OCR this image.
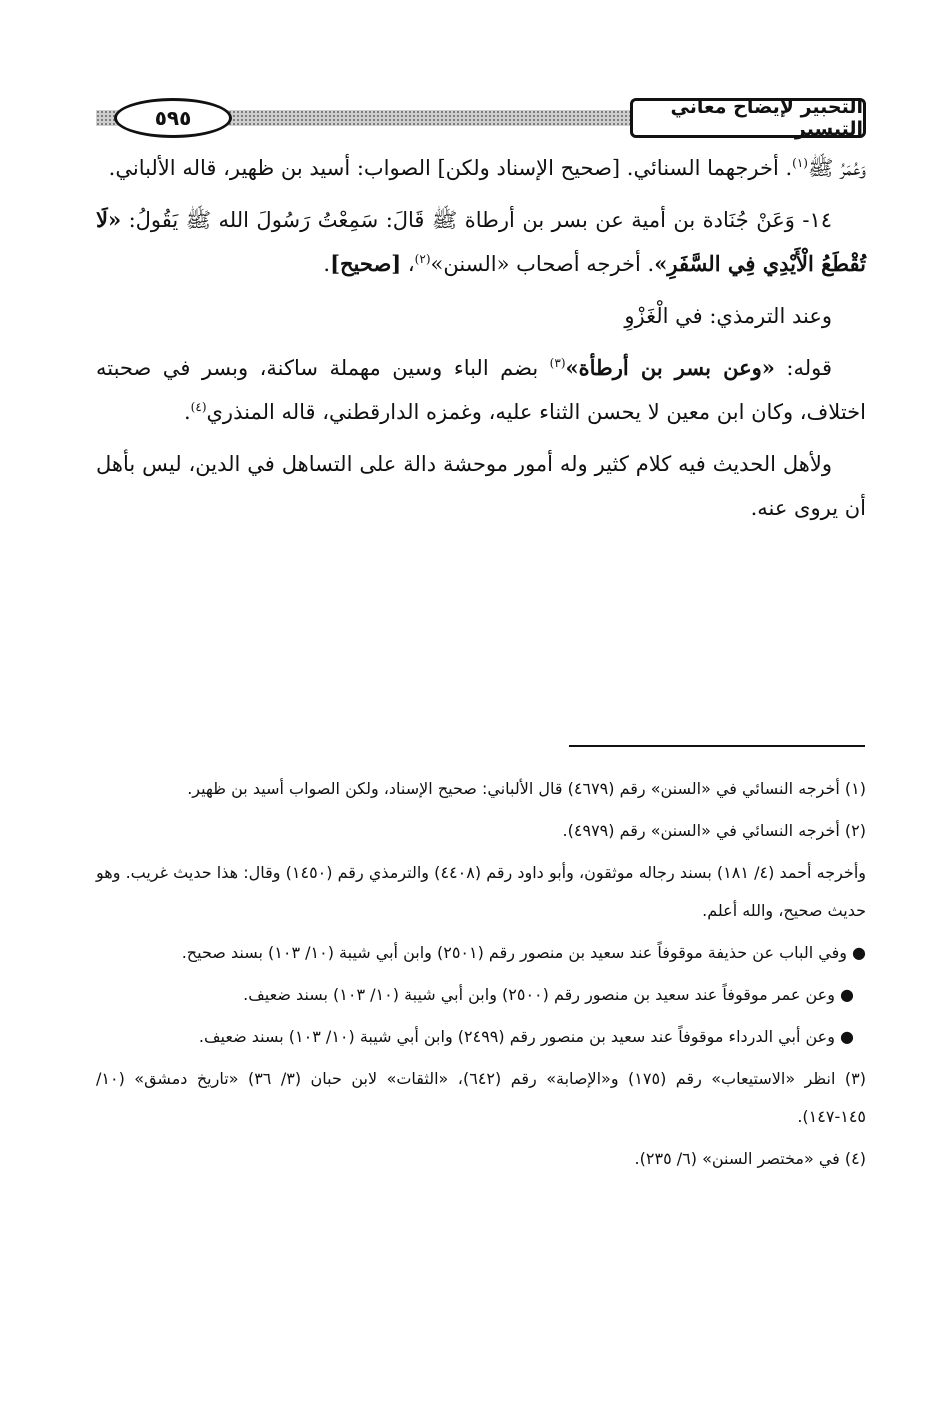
التحبير لإيضاح معاني التيسير
٥٩٥

وَعُمَرُ ﷺ$^{(١)}$. أخرجهما السنائي. [صحيح الإسناد ولكن] الصواب: أسيد بن ظهير، قاله الألباني.

١٤- وَعَنْ جُنَادة بن أمية عن بسر بن أرطاة ﷺ قَالَ: سَمِعْتُ رَسُولَ الله ﷺ يَقُولُ: «لَا تُقْطَعُ الْأَيْدِي فِي السَّفَرِ». أخرجه أصحاب «السنن»$^{(٢)}$، [صحيح].

وعند الترمذي: في الْغَزْوِ

قوله: «وعن بسر بن أرطأة»$^{(٣)}$ بضم الباء وسين مهملة ساكنة، وبسر في صحبته اختلاف، وكان ابن معين لا يحسن الثناء عليه، وغمزه الدارقطني، قاله المنذري$^{(٤)}$.

ولأهل الحديث فيه كلام كثير وله أمور موحشة دالة على التساهل في الدين، ليس بأهل أن يروى عنه.

(١) أخرجه النسائي في «السنن» رقم (٤٦٧٩) قال الألباني: صحيح الإسناد، ولكن الصواب أسيد بن ظهير.

(٢) أخرجه النسائي في «السنن» رقم (٤٩٧٩).

وأخرجه أحمد (٤/ ١٨١) بسند رجاله موثقون، وأبو داود رقم (٤٤٠٨) والترمذي رقم (١٤٥٠) وقال: هذا حديث غريب. وهو حديث صحيح، والله أعلم.

● وفي الباب عن حذيفة موقوفاً عند سعيد بن منصور رقم (٢٥٠١) وابن أبي شيبة (١٠/ ١٠٣) بسند صحيح.

● وعن عمر موقوفاً عند سعيد بن منصور رقم (٢٥٠٠) وابن أبي شيبة (١٠/ ١٠٣) بسند ضعيف.

● وعن أبي الدرداء موقوفاً عند سعيد بن منصور رقم (٢٤٩٩) وابن أبي شيبة (١٠/ ١٠٣) بسند ضعيف.

(٣) انظر «الاستيعاب» رقم (١٧٥) و«الإصابة» رقم (٦٤٢)، «الثقات» لابن حبان (٣/ ٣٦) «تاريخ دمشق» (١٠/ ١٤٥-١٤٧).

(٤) في «مختصر السنن» (٦/ ٢٣٥).
